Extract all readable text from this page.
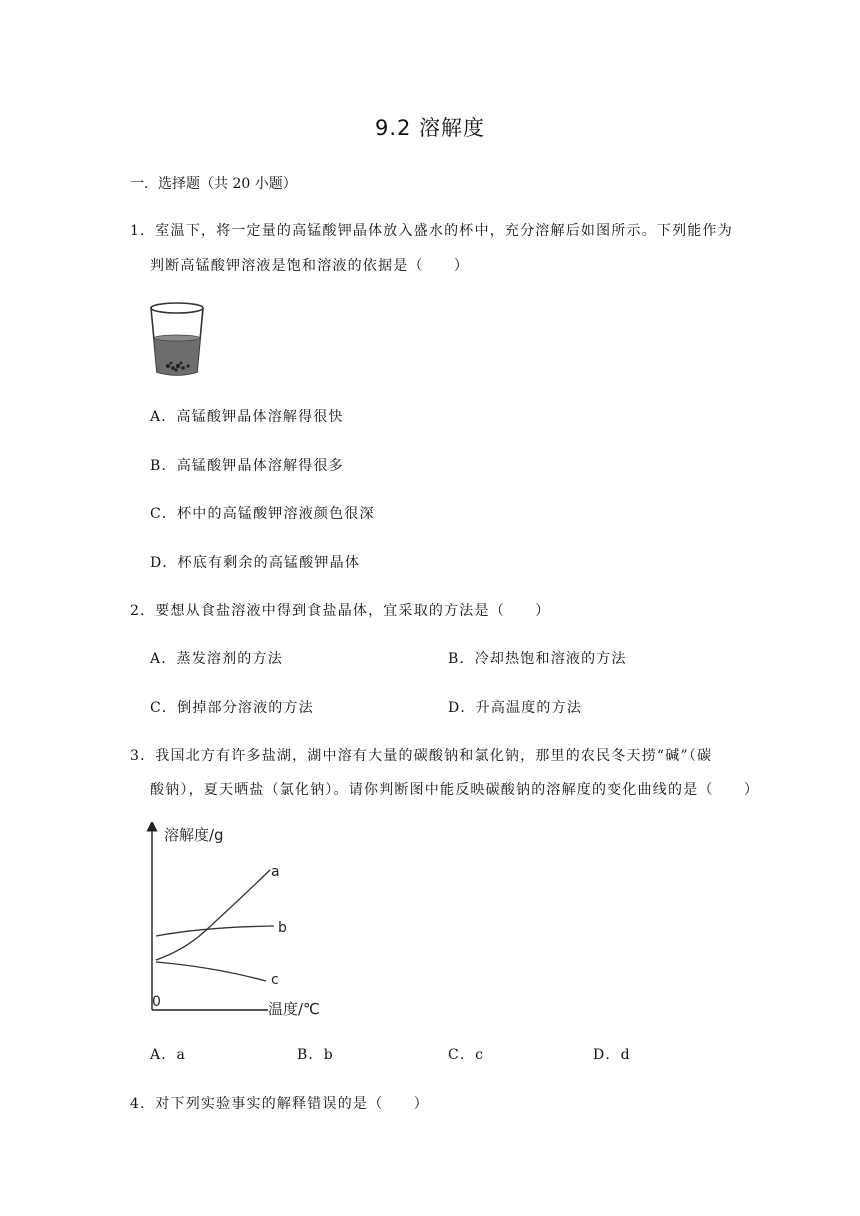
9.2 溶解度
一．选择题（共 20 小题）
1．室温下，将一定量的高锰酸钾晶体放入盛水的杯中，充分溶解后如图所示。下列能作为
判断高锰酸钾溶液是饱和溶液的依据是（　　）
A．高锰酸钾晶体溶解得很快
B．高锰酸钾晶体溶解得很多
C．杯中的高锰酸钾溶液颜色很深
D．杯底有剩余的高锰酸钾晶体
2．要想从食盐溶液中得到食盐晶体，宜采取的方法是（　　）
A．蒸发溶剂的方法	B．冷却热饱和溶液的方法
C．倒掉部分溶液的方法	D．升高温度的方法
3．我国北方有许多盐湖，湖中溶有大量的碳酸钠和氯化钠，那里的农民冬天捞“碱”（碳
酸钠），夏天晒盐（氯化钠）。请你判断图中能反映碳酸钠的溶解度的变化曲线的是（　　）
溶解度/g
0	温度/℃
a
b
c
A．a	B．b	C．c	D．d
4．对下列实验事实的解释错误的是（　　）
